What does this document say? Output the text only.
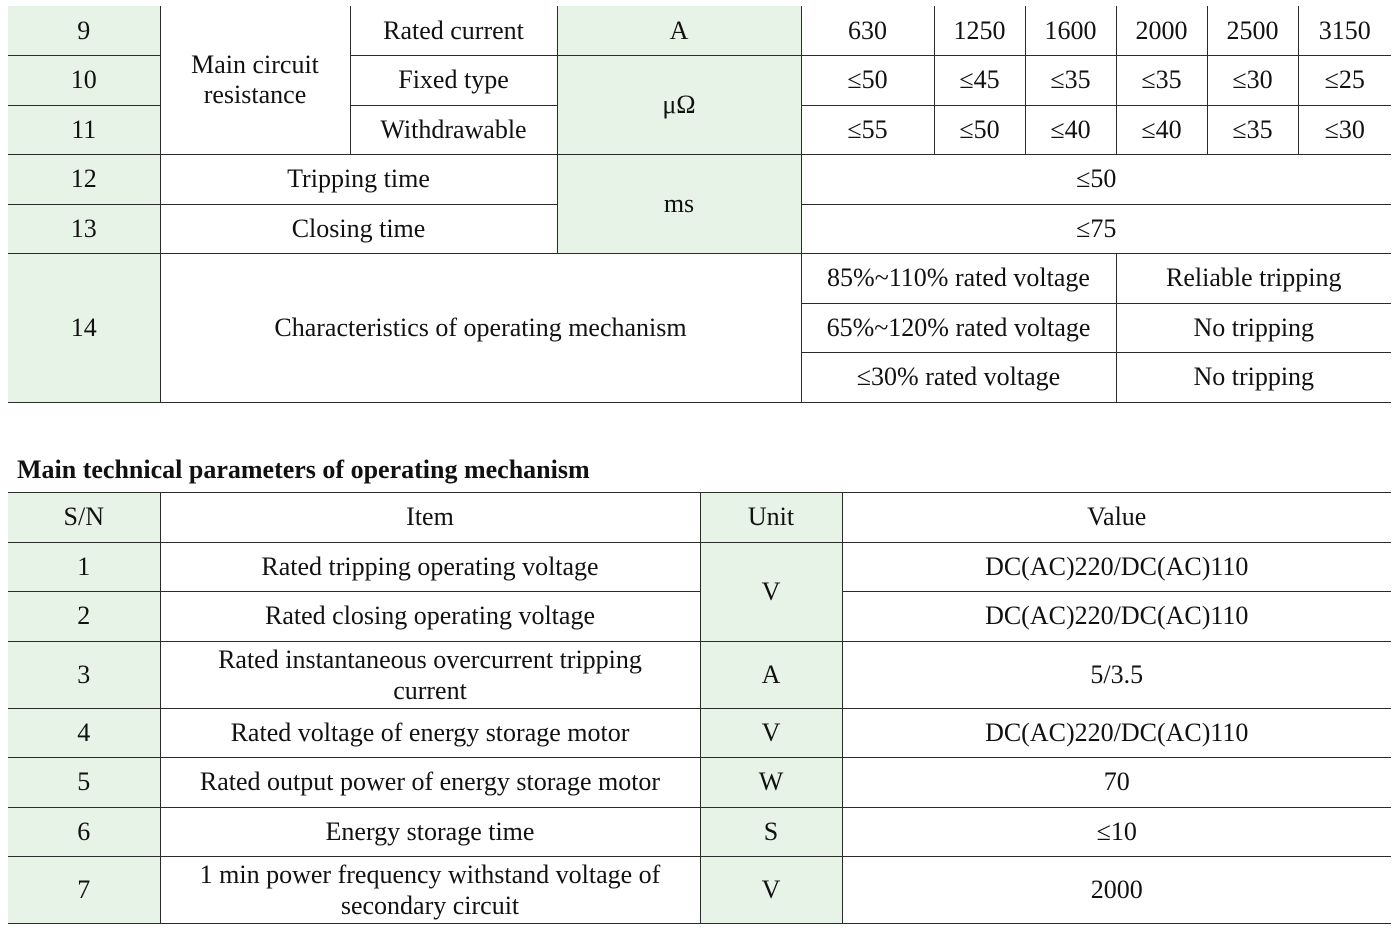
9	Main circuit resistance	Rated current	A	630	1250	1600	2000	2500	3150
10		Fixed type	μΩ	≤50	≤45	≤35	≤35	≤30	≤25
11		Withdrawable		≤55	≤50	≤40	≤40	≤35	≤30
12	Tripping time		ms	≤50					
13	Closing time			≤75					
14	Characteristics of operating mechanism			85%~110% rated voltage			Reliable tripping		
				65%~120% rated voltage			No tripping		
				≤30% rated voltage			No tripping		
Main technical parameters of operating mechanism
S/N	Item	Unit	Value
1	Rated tripping operating voltage	V	DC(AC)220/DC(AC)110
2	Rated closing operating voltage		DC(AC)220/DC(AC)110
3	Rated instantaneous overcurrent tripping current	A	5/3.5
4	Rated voltage of energy storage motor	V	DC(AC)220/DC(AC)110
5	Rated output power of energy storage motor	W	70
6	Energy storage time	S	≤10
7	1 min power frequency withstand voltage of secondary circuit	V	2000
